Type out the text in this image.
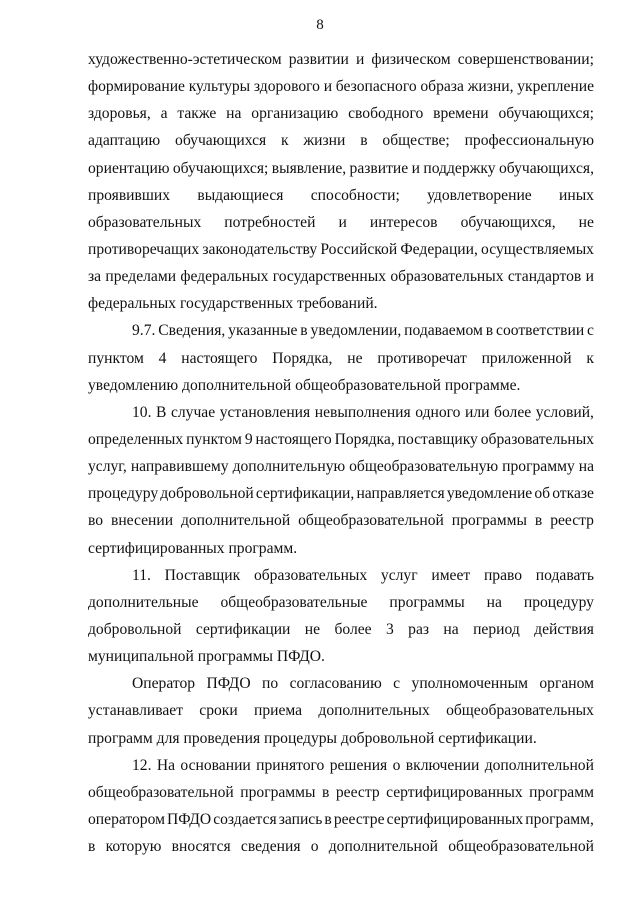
8
художественно-эстетическом развитии и физическом совершенствовании;
формирование культуры здорового и безопасного образа жизни, укрепление
здоровья, а также на организацию свободного времени обучающихся;
адаптацию обучающихся к жизни в обществе; профессиональную
ориентацию обучающихся; выявление, развитие и поддержку обучающихся,
проявивших выдающиеся способности; удовлетворение иных
образовательных потребностей и интересов обучающихся, не
противоречащих законодательству Российской Федерации, осуществляемых
за пределами федеральных государственных образовательных стандартов и
федеральных государственных требований.
9.7. Сведения, указанные в уведомлении, подаваемом в соответствии с
пунктом 4 настоящего Порядка, не противоречат приложенной к
уведомлению дополнительной общеобразовательной программе.
10. В случае установления невыполнения одного или более условий,
определенных пунктом 9 настоящего Порядка, поставщику образовательных
услуг, направившему дополнительную общеобразовательную программу на
процедуру добровольной сертификации, направляется уведомление об отказе
во внесении дополнительной общеобразовательной программы в реестр
сертифицированных программ.
11. Поставщик образовательных услуг имеет право подавать
дополнительные общеобразовательные программы на процедуру
добровольной сертификации не более 3 раз на период действия
муниципальной программы ПФДО.
Оператор ПФДО по согласованию с уполномоченным органом
устанавливает сроки приема дополнительных общеобразовательных
программ для проведения процедуры добровольной сертификации.
12. На основании принятого решения о включении дополнительной
общеобразовательной программы в реестр сертифицированных программ
оператором ПФДО создается запись в реестре сертифицированных программ,
в которую вносятся сведения о дополнительной общеобразовательной
